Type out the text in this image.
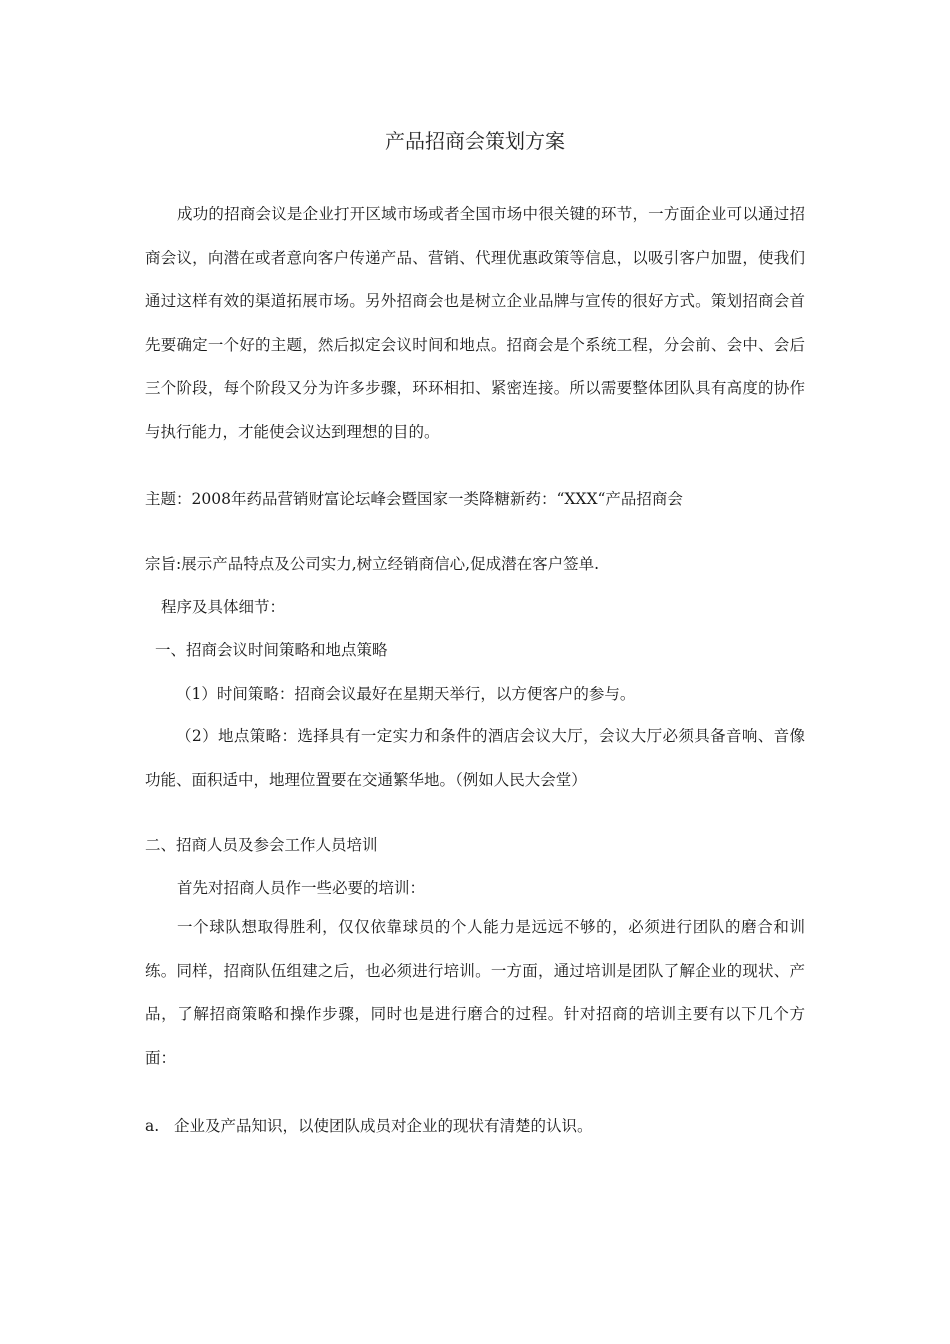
产品招商会策划方案

成功的招商会议是企业打开区域市场或者全国市场中很关键的环节，一方面企业可以通过招商会议，向潜在或者意向客户传递产品、营销、代理优惠政策等信息，以吸引客户加盟，使我们通过这样有效的渠道拓展市场。另外招商会也是树立企业品牌与宣传的很好方式。策划招商会首先要确定一个好的主题，然后拟定会议时间和地点。招商会是个系统工程，分会前、会中、会后三个阶段，每个阶段又分为许多步骤，环环相扣、紧密连接。所以需要整体团队具有高度的协作与执行能力，才能使会议达到理想的目的。

主题：2008年药品营销财富论坛峰会暨国家一类降糖新药：“XXX“产品招商会

宗旨:展示产品特点及公司实力,树立经销商信心,促成潜在客户签单.

程序及具体细节：

一、招商会议时间策略和地点策略

（1）时间策略：招商会议最好在星期天举行，以方便客户的参与。

（2）地点策略：选择具有一定实力和条件的酒店会议大厅，会议大厅必须具备音响、音像功能、面积适中，地理位置要在交通繁华地。（例如人民大会堂）

二、招商人员及参会工作人员培训

首先对招商人员作一些必要的培训：

一个球队想取得胜利，仅仅依靠球员的个人能力是远远不够的，必须进行团队的磨合和训练。同样，招商队伍组建之后，也必须进行培训。一方面，通过培训是团队了解企业的现状、产品，了解招商策略和操作步骤，同时也是进行磨合的过程。针对招商的培训主要有以下几个方面：

a.   企业及产品知识，以使团队成员对企业的现状有清楚的认识。
